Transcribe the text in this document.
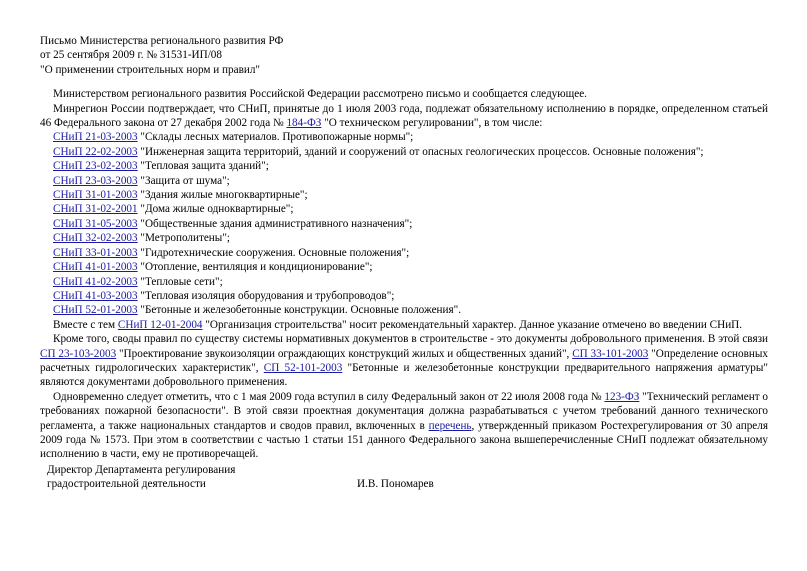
Письмо Министерства регионального развития РФ
от 25 сентября 2009 г. № 31531-ИП/08
"О применении строительных норм и правил"
Министерством регионального развития Российской Федерации рассмотрено письмо и сообщается следующее.
Минрегион России подтверждает, что СНиП, принятые до 1 июля 2003 года, подлежат обязательному исполнению в порядке, определенном статьей 46 Федерального закона от 27 декабря 2002 года № 184-ФЗ "О техническом регулировании", в том числе:
СНиП 21-03-2003 "Склады лесных материалов. Противопожарные нормы";
СНиП 22-02-2003 "Инженерная защита территорий, зданий и сооружений от опасных геологических процессов. Основные положения";
СНиП 23-02-2003 "Тепловая защита зданий";
СНиП 23-03-2003 "Защита от шума";
СНиП 31-01-2003 "Здания жилые многоквартирные";
СНиП 31-02-2001 "Дома жилые одноквартирные";
СНиП 31-05-2003 "Общественные здания административного назначения";
СНиП 32-02-2003 "Метрополитены";
СНиП 33-01-2003 "Гидротехнические сооружения. Основные положения";
СНиП 41-01-2003 "Отопление, вентиляция и кондиционирование";
СНиП 41-02-2003 "Тепловые сети";
СНиП 41-03-2003 "Тепловая изоляция оборудования и трубопроводов";
СНиП 52-01-2003 "Бетонные и железобетонные конструкции. Основные положения".
Вместе с тем СНиП 12-01-2004 "Организация строительства" носит рекомендательный характер. Данное указание отмечено во введении СНиП.
Кроме того, своды правил по существу системы нормативных документов в строительстве - это документы добровольного применения. В этой связи СП 23-103-2003 "Проектирование звукоизоляции ограждающих конструкций жилых и общественных зданий", СП 33-101-2003 "Определение основных расчетных гидрологических характеристик", СП 52-101-2003 "Бетонные и железобетонные конструкции предварительного напряжения арматуры" являются документами добровольного применения.
Одновременно следует отметить, что с 1 мая 2009 года вступил в силу Федеральный закон от 22 июля 2008 года № 123-ФЗ "Технический регламент о требованиях пожарной безопасности". В этой связи проектная документация должна разрабатываться с учетом требований данного технического регламента, а также национальных стандартов и сводов правил, включенных в перечень, утвержденный приказом Ростехрегулирования от 30 апреля 2009 года № 1573. При этом в соответствии с частью 1 статьи 151 данного Федерального закона вышеперечисленные СНиП подлежат обязательному исполнению в части, ему не противоречащей.
Директор Департамента регулирования
градостроительной деятельности	И.В. Пономарев
